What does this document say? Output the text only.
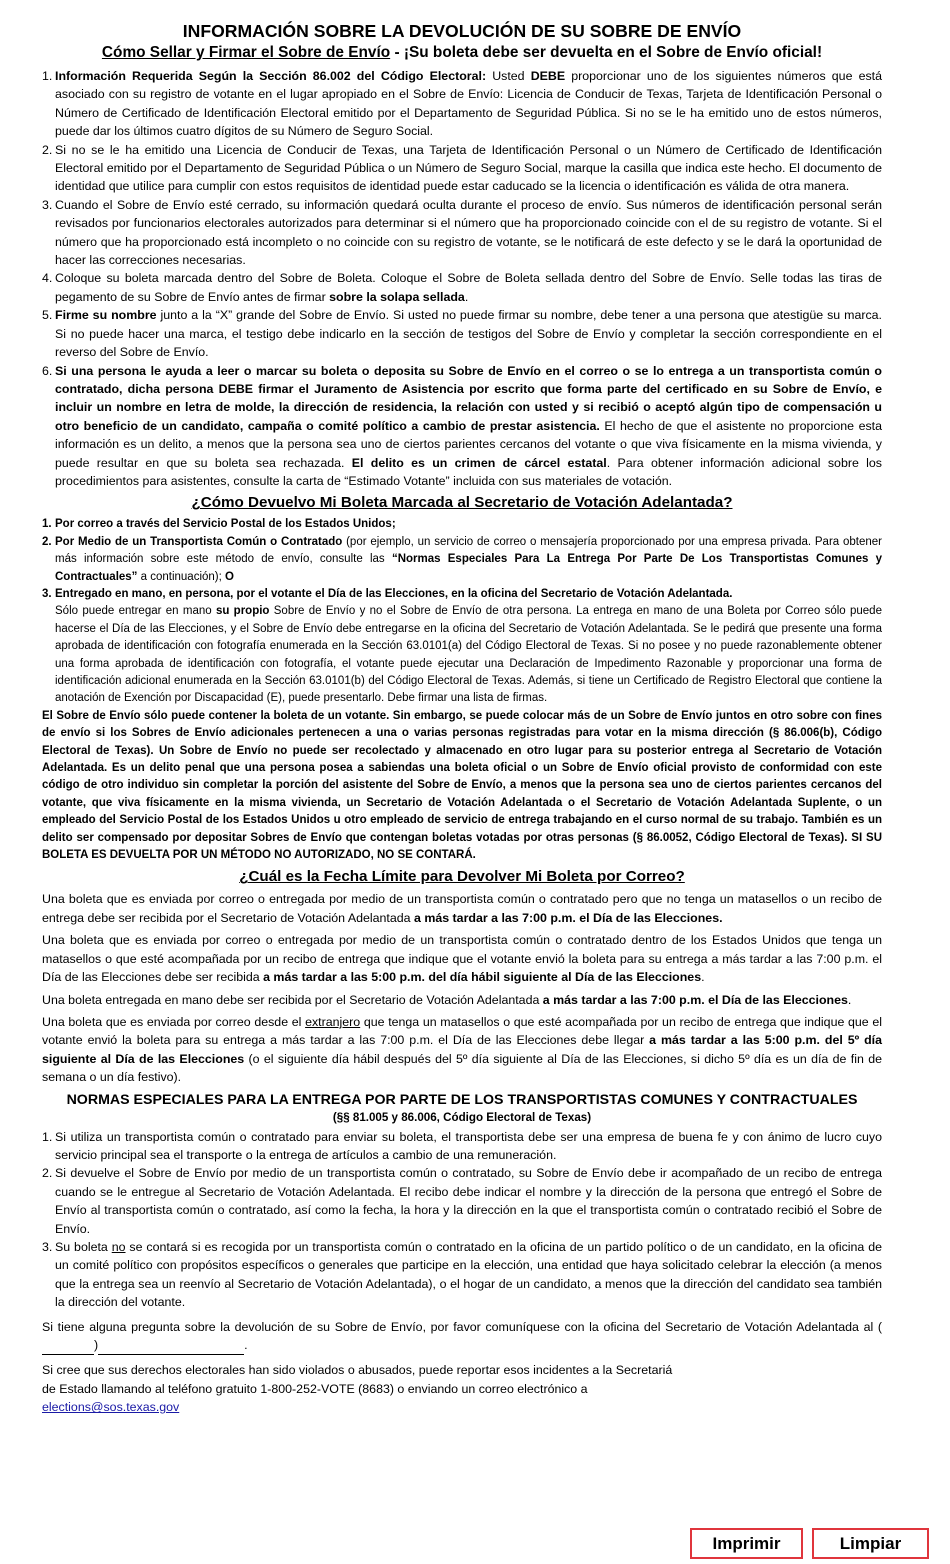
INFORMACIÓN SOBRE LA DEVOLUCIÓN DE SU SOBRE DE ENVÍO
Cómo Sellar y Firmar el Sobre de Envío - ¡Su boleta debe ser devuelta en el Sobre de Envío oficial!
1. Información Requerida Según la Sección 86.002 del Código Electoral: Usted DEBE proporcionar uno de los siguientes números que está asociado con su registro de votante en el lugar apropiado en el Sobre de Envío: Licencia de Conducir de Texas, Tarjeta de Identificación Personal o Número de Certificado de Identificación Electoral emitido por el Departamento de Seguridad Pública. Si no se le ha emitido uno de estos números, puede dar los últimos cuatro dígitos de su Número de Seguro Social.
2. Si no se le ha emitido una Licencia de Conducir de Texas, una Tarjeta de Identificación Personal o un Número de Certificado de Identificación Electoral emitido por el Departamento de Seguridad Pública o un Número de Seguro Social, marque la casilla que indica este hecho. El documento de identidad que utilice para cumplir con estos requisitos de identidad puede estar caducado se la licencia o identificación es válida de otra manera.
3. Cuando el Sobre de Envío esté cerrado, su información quedará oculta durante el proceso de envío. Sus números de identificación personal serán revisados por funcionarios electorales autorizados para determinar si el número que ha proporcionado coincide con el de su registro de votante. Si el número que ha proporcionado está incompleto o no coincide con su registro de votante, se le notificará de este defecto y se le dará la oportunidad de hacer las correcciones necesarias.
4. Coloque su boleta marcada dentro del Sobre de Boleta. Coloque el Sobre de Boleta sellada dentro del Sobre de Envío. Selle todas las tiras de pegamento de su Sobre de Envío antes de firmar sobre la solapa sellada.
5. Firme su nombre junto a la “X” grande del Sobre de Envío. Si usted no puede firmar su nombre, debe tener a una persona que atestigüe su marca. Si no puede hacer una marca, el testigo debe indicarlo en la sección de testigos del Sobre de Envío y completar la sección correspondiente en el reverso del Sobre de Envío.
6. Si una persona le ayuda a leer o marcar su boleta o deposita su Sobre de Envío en el correo o se lo entrega a un transportista común o contratado, dicha persona DEBE firmar el Juramento de Asistencia por escrito que forma parte del certificado en su Sobre de Envío, e incluir un nombre en letra de molde, la dirección de residencia, la relación con usted y si recibió o aceptó algún tipo de compensación u otro beneficio de un candidato, campaña o comité político a cambio de prestar asistencia. El hecho de que el asistente no proporcione esta información es un delito, a menos que la persona sea uno de ciertos parientes cercanos del votante o que viva físicamente en la misma vivienda, y puede resultar en que su boleta sea rechazada. El delito es un crimen de cárcel estatal. Para obtener información adicional sobre los procedimientos para asistentes, consulte la carta de “Estimado Votante” incluida con sus materiales de votación.
¿Cómo Devuelvo Mi Boleta Marcada al Secretario de Votación Adelantada?
1. Por correo a través del Servicio Postal de los Estados Unidos;
2. Por Medio de un Transportista Común o Contratado (por ejemplo, un servicio de correo o mensajería proporcionado por una empresa privada. Para obtener más información sobre este método de envío, consulte las “Normas Especiales Para La Entrega Por Parte De Los Transportistas Comunes y Contractuales” a continuación); O
3. Entregado en mano, en persona, por el votante el Día de las Elecciones, en la oficina del Secretario de Votación Adelantada.
Sólo puede entregar en mano su propio Sobre de Envío y no el Sobre de Envío de otra persona. La entrega en mano de una Boleta por Correo sólo puede hacerse el Día de las Elecciones, y el Sobre de Envío debe entregarse en la oficina del Secretario de Votación Adelantada. Se le pedirá que presente una forma aprobada de identificación con fotografía enumerada en la Sección 63.0101(a) del Código Electoral de Texas. Si no posee y no puede razonablemente obtener una forma aprobada de identificación con fotografía, el votante puede ejecutar una Declaración de Impedimento Razonable y proporcionar una forma de identificación adicional enumerada en la Sección 63.0101(b) del Código Electoral de Texas. Además, si tiene un Certificado de Registro Electoral que contiene la anotación de Exención por Discapacidad (E), puede presentarlo. Debe firmar una lista de firmas.
El Sobre de Envío sólo puede contener la boleta de un votante. Sin embargo, se puede colocar más de un Sobre de Envío juntos en otro sobre con fines de envío si los Sobres de Envío adicionales pertenecen a una o varias personas registradas para votar en la misma dirección (§ 86.006(b), Código Electoral de Texas). Un Sobre de Envío no puede ser recolectado y almacenado en otro lugar para su posterior entrega al Secretario de Votación Adelantada. Es un delito penal que una persona posea a sabiendas una boleta oficial o un Sobre de Envío oficial provisto de conformidad con este código de otro individuo sin completar la porción del asistente del Sobre de Envío, a menos que la persona sea uno de ciertos parientes cercanos del votante, que viva físicamente en la misma vivienda, un Secretario de Votación Adelantada o el Secretario de Votación Adelantada Suplente, o un empleado del Servicio Postal de los Estados Unidos u otro empleado de servicio de entrega trabajando en el curso normal de su trabajo. También es un delito ser compensado por depositar Sobres de Envío que contengan boletas votadas por otras personas (§ 86.0052, Código Electoral de Texas). SI SU BOLETA ES DEVUELTA POR UN MÉTODO NO AUTORIZADO, NO SE CONTARÁ.
¿Cuál es la Fecha Límite para Devolver Mi Boleta por Correo?
Una boleta que es enviada por correo o entregada por medio de un transportista común o contratado pero que no tenga un matasellos o un recibo de entrega debe ser recibida por el Secretario de Votación Adelantada a más tardar a las 7:00 p.m. el Día de las Elecciones.
Una boleta que es enviada por correo o entregada por medio de un transportista común o contratado dentro de los Estados Unidos que tenga un matasellos o que esté acompañada por un recibo de entrega que indique que el votante envió la boleta para su entrega a más tardar a las 7:00 p.m. el Día de las Elecciones debe ser recibida a más tardar a las 5:00 p.m. del día hábil siguiente al Día de las Elecciones.
Una boleta entregada en mano debe ser recibida por el Secretario de Votación Adelantada a más tardar a las 7:00 p.m. el Día de las Elecciones.
Una boleta que es enviada por correo desde el extranjero que tenga un matasellos o que esté acompañada por un recibo de entrega que indique que el votante envió la boleta para su entrega a más tardar a las 7:00 p.m. el Día de las Elecciones debe llegar a más tardar a las 5:00 p.m. del 5º día siguiente al Día de las Elecciones (o el siguiente día hábil después del 5º día siguiente al Día de las Elecciones, si dicho 5º día es un día de fin de semana o un día festivo).
NORMAS ESPECIALES PARA LA ENTREGA POR PARTE DE LOS TRANSPORTISTAS COMUNES Y CONTRACTUALES
(§§ 81.005 y 86.006, Código Electoral de Texas)
1. Si utiliza un transportista común o contratado para enviar su boleta, el transportista debe ser una empresa de buena fe y con ánimo de lucro cuyo servicio principal sea el transporte o la entrega de artículos a cambio de una remuneración.
2. Si devuelve el Sobre de Envío por medio de un transportista común o contratado, su Sobre de Envío debe ir acompañado de un recibo de entrega cuando se le entregue al Secretario de Votación Adelantada. El recibo debe indicar el nombre y la dirección de la persona que entregó el Sobre de Envío al transportista común o contratado, así como la fecha, la hora y la dirección en la que el transportista común o contratado recibió el Sobre de Envío.
3. Su boleta no se contará si es recogida por un transportista común o contratado en la oficina de un partido político o de un candidato, en la oficina de un comité político con propósitos específicos o generales que participe en la elección, una entidad que haya solicitado celebrar la elección (a menos que la entrega sea un reenvío al Secretario de Votación Adelantada), o el hogar de un candidato, a menos que la dirección del candidato sea también la dirección del votante.
Si tiene alguna pregunta sobre la devolución de su Sobre de Envío, por favor comuníquese con la oficina del Secretario de Votación Adelantada al ( )	.
Si cree que sus derechos electorales han sido violados o abusados, puede reportar esos incidentes a la Secretariá de Estado llamando al teléfono gratuito 1-800-252-VOTE (8683) o enviando un correo electrónico a elections@sos.texas.gov
Imprimir	Limpiar
